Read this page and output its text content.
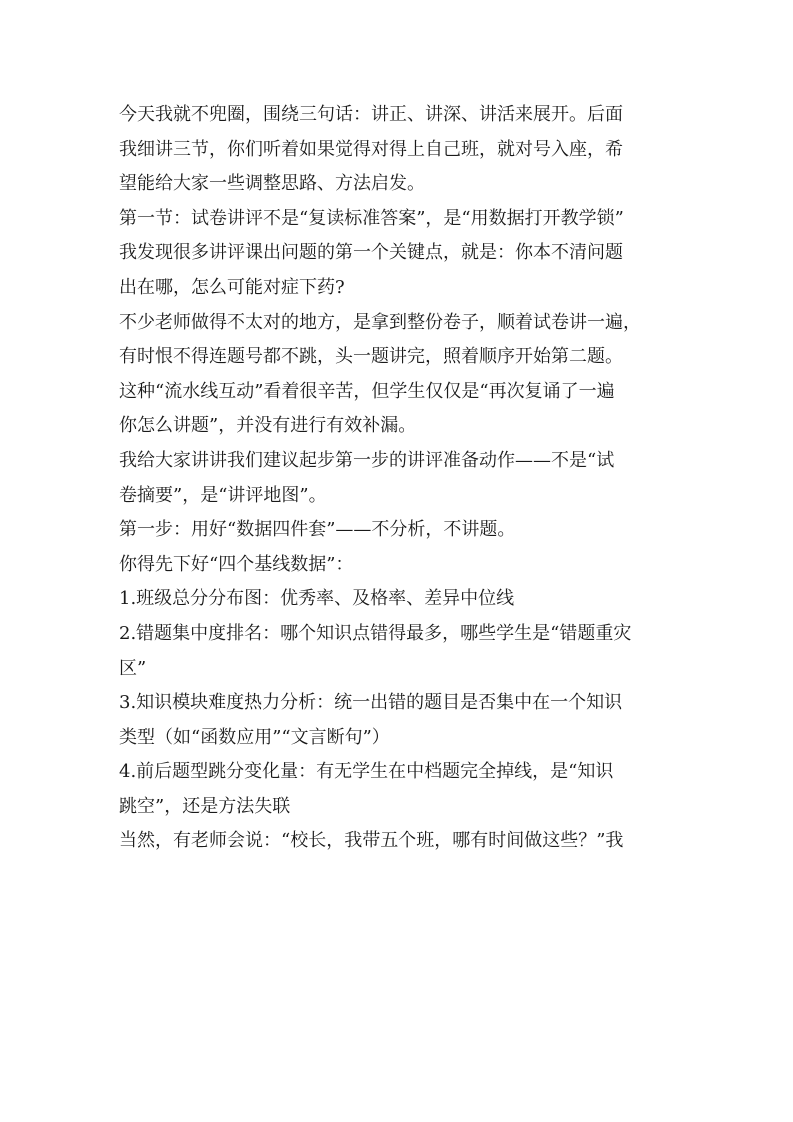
今天我就不兜圈，围绕三句话：讲正、讲深、讲活来展开。后面
我细讲三节，你们听着如果觉得对得上自己班，就对号入座，希
望能给大家一些调整思路、方法启发。
第一节：试卷讲评不是“复读标准答案”，是“用数据打开教学锁”
我发现很多讲评课出问题的第一个关键点，就是：你本不清问题
出在哪，怎么可能对症下药?
不少老师做得不太对的地方，是拿到整份卷子，顺着试卷讲一遍，
有时恨不得连题号都不跳，头一题讲完，照着顺序开始第二题。
这种“流水线互动”看着很辛苦，但学生仅仅是“再次复诵了一遍
你怎么讲题”，并没有进行有效补漏。
我给大家讲讲我们建议起步第一步的讲评准备动作——不是“试
卷摘要”，是“讲评地图”。
第一步：用好“数据四件套”——不分析，不讲题。
你得先下好“四个基线数据”：
1.班级总分分布图：优秀率、及格率、差异中位线
2.错题集中度排名：哪个知识点错得最多，哪些学生是“错题重灾
区”
3.知识模块难度热力分析：统一出错的题目是否集中在一个知识
类型（如“函数应用”“文言断句”）
4.前后题型跳分变化量：有无学生在中档题完全掉线，是“知识
跳空”，还是方法失联
当然，有老师会说：“校长，我带五个班，哪有时间做这些？”我
